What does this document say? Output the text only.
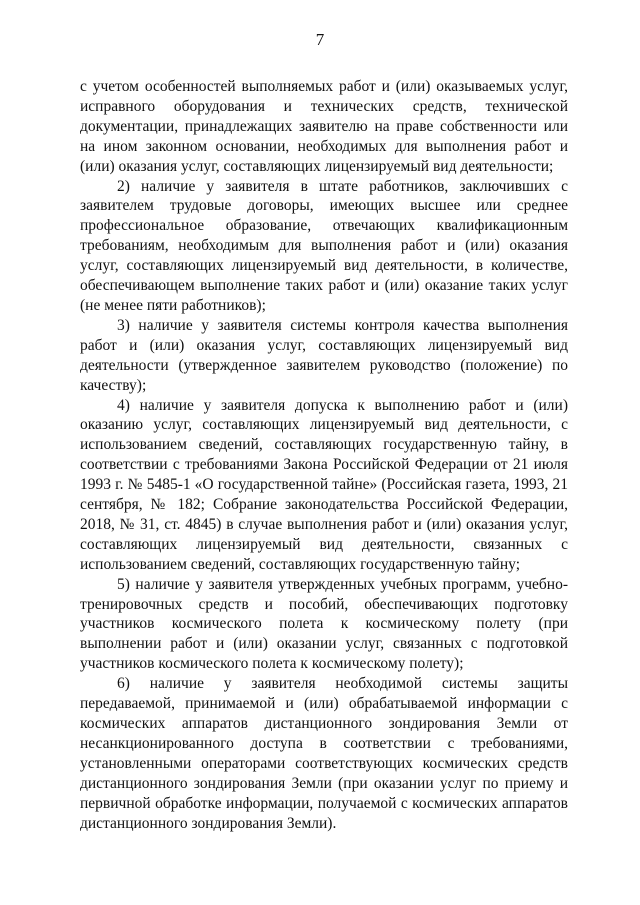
7

с учетом особенностей выполняемых работ и (или) оказываемых услуг, исправного оборудования и технических средств, технической документации, принадлежащих заявителю на праве собственности или на ином законном основании, необходимых для выполнения работ и (или) оказания услуг, составляющих лицензируемый вид деятельности;

2) наличие у заявителя в штате работников, заключивших с заявителем трудовые договоры, имеющих высшее или среднее профессиональное образование, отвечающих квалификационным требованиям, необходимым для выполнения работ и (или) оказания услуг, составляющих лицензируемый вид деятельности, в количестве, обеспечивающем выполнение таких работ и (или) оказание таких услуг (не менее пяти работников);

3) наличие у заявителя системы контроля качества выполнения работ и (или) оказания услуг, составляющих лицензируемый вид деятельности (утвержденное заявителем руководство (положение) по качеству);

4) наличие у заявителя допуска к выполнению работ и (или) оказанию услуг, составляющих лицензируемый вид деятельности, с использованием сведений, составляющих государственную тайну, в соответствии с требованиями Закона Российской Федерации от 21 июля 1993 г. № 5485-1 «О государственной тайне» (Российская газета, 1993, 21 сентября, № 182; Собрание законодательства Российской Федерации, 2018, № 31, ст. 4845) в случае выполнения работ и (или) оказания услуг, составляющих лицензируемый вид деятельности, связанных с использованием сведений, составляющих государственную тайну;

5) наличие у заявителя утвержденных учебных программ, учебно-тренировочных средств и пособий, обеспечивающих подготовку участников космического полета к космическому полету (при выполнении работ и (или) оказании услуг, связанных с подготовкой участников космического полета к космическому полету);

6) наличие у заявителя необходимой системы защиты передаваемой, принимаемой и (или) обрабатываемой информации с космических аппаратов дистанционного зондирования Земли от несанкционированного доступа в соответствии с требованиями, установленными операторами соответствующих космических средств дистанционного зондирования Земли (при оказании услуг по приему и первичной обработке информации, получаемой с космических аппаратов дистанционного зондирования Земли).
